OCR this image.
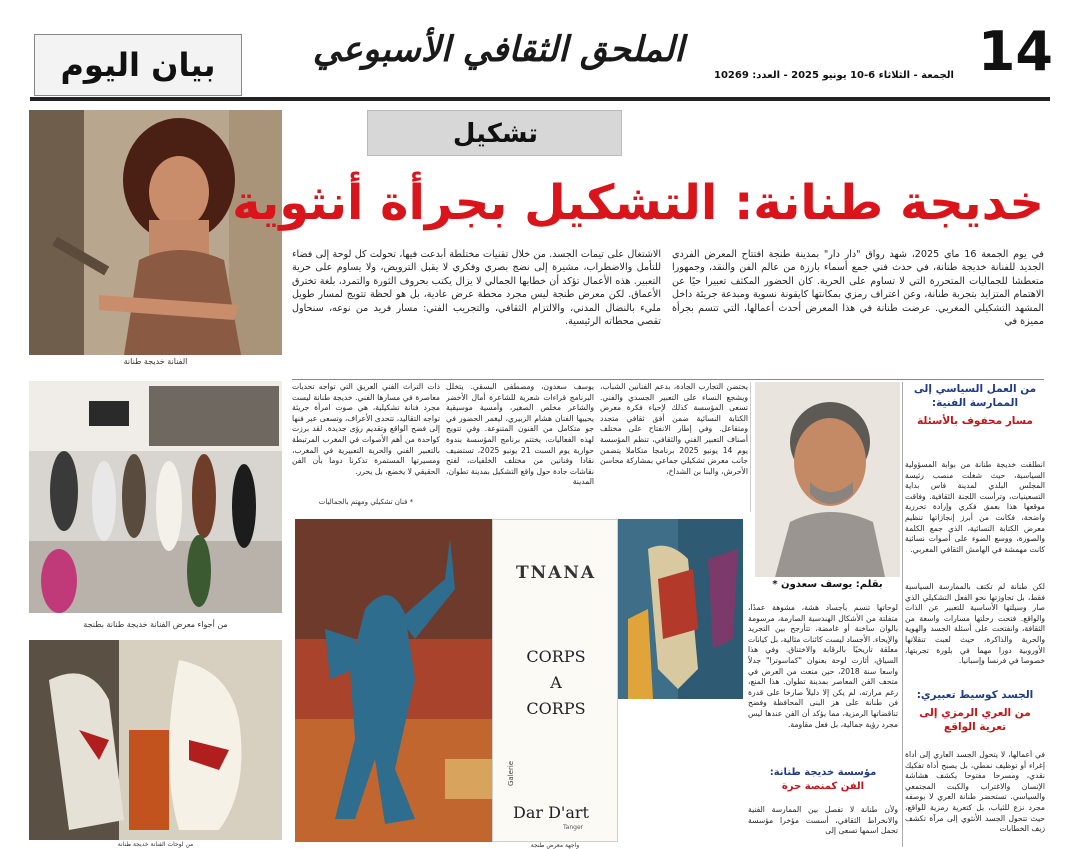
14
الجمعة - الثلاثاء 6-10 يونيو 2025 - العدد: 10269
الملحق الثقافي الأسبوعي
بيان اليوم
تشكيل
الفنانة خديجة طنانة
خديجة طنانة: التشكيل بجرأة أنثوية
في يوم الجمعة 16 ماي 2025، شهد رواق "دار دار" بمدينة طنجة افتتاح المعرض الفردي الجديد للفنانة خديجة طنانة، في حدث فني جمع أسماء بارزة من عالم الفن والنقد، وجمهورا متعطشا للجماليات المتحررة التي لا تساوم على الحرية. كان الحضور المكثف تعبيرا حيًا عن الاهتمام المتزايد بتجربة طنانة، وعن اعتراف رمزي بمكانتها كايقونة نسوية ومبدعة جريئة داخل المشهد التشكيلي المغربي. عرضت طنانة في هذا المعرض أحدث أعمالها، التي تتسم بجرأة مميزة في
الاشتغال على تيمات الجسد. من خلال تقنيات مختلطة أبدعت فيها، تحولت كل لوحة إلى فضاء للتأمل والاضطراب، مشيرة إلى نضج بصري وفكري لا يقبل الترويض، ولا يساوم على حرية التعبير. هذه الأعمال تؤكد أن خطابها الجمالي لا يزال يكتب بحروف الثورة والتمرد، بلغة تخترق الأعماق. لكن معرض طنجة ليس مجرد محطة عرض عادية، بل هو لحظة تتويج لمسار طويل مليء بالنضال المدني، والالتزام الثقافي، والتجريب الفني: مسار فريد من نوعه، سنحاول تقصي محطاته الرئيسية.
من أجواء معرض الفنانة خديجة طنانة بطنجة
من لوحات الفنانة خديجة طنانة
يحتضن التجارب الجادة، بدعم الفنانين الشباب، ويشجع النساء على التعبير الجسدي والفني. تسعى المؤسسة كذلك لإحياء فكرة معرض الكتابة النسائية ضمن أفق ثقافي متجدد ومتفاعل. وفي إطار الانفتاح على مختلف أصناف التعبير الفني والثقافي، تنظم المؤسسة يوم 14 يونيو 2025 برنامجا متكاملا يتضمن جانب معرض تشكيلي جماعي بمشاركة محاسن الأحرش، والبنا بن الشداخ،
يوسف سعدون، ومصطفى البسقي. يتخلل البرنامج قراءات شعرية للشاعرة أمال الأخضر والشاعر مخلص الصغير، وأمسية موسيقية يحييها الفنان هشام الزبيري، ليغمر الحضور في جو متكامل من الفنون المتنوعة. وفي تتويج لهذه الفعاليات، يختتم برنامج المؤسسة بندوة حوارية يوم السبت 21 يونيو 2025، تستضيف نقادا وفنانين من مختلف الخلفيات، لفتح نقاشات جادة حول واقع التشكيل بمدينة تطوان، المدينة
ذات التراث الفني العريق التي تواجه تحديات معاصرة في مسارها الفني. خديجة طنانة ليست مجرد فنانة تشكيلية، هي صوت امرأة جريئة تواجه التقاليد، تتحدى الأعراف، وتسعى عبر فنها إلى فضح الواقع وتقديم رؤى جديدة. لقد برزت كواحدة من أهم الأصوات في المغرب المرتبطة بالتعبير الفني والحرية التعبيرية في المغرب، ومسيرتها المستمرة تذكرنا دوما بأن الفن الحقيقي لا يخضع، بل يحرر.
* فنان تشكيلي ومهتم بالجماليات
TNANA
CORPS
A
CORPS
Galerie
Dar D'art
Tanger
واجهة معرض طنجة
بقلم: يوسف سعدون *
لوحاتها تنسم بأجساد هشة، مشوهة عمدًا، متفلتة من الأشكال الهندسية الصارمة، مرسومة بالوان ساخنة أو غامضة، تتأرجح بين التجريد والإيحاء. الأجساد ليست كائنات مثالية، بل كيانات معلقة تاريخيًا بالرقابة والاختناق. وفي هذا السياق، أثارت لوحة بعنوان "كماسوترا" جدلاً واسعا سنة 2018، حين منعت من العرض في متحف الفن المعاصر بمدينة تطوان. هذا المنع، رغم مرارته، لم يكن إلا دليلاً صارخا على قدرة فن طنانة على هز البنى المحافظة وفضح تناقضاتها الرمزية، مما يؤكد أن الفن عندها ليس مجرد رؤية جمالية، بل فعل مقاومة.
مؤسسة خديجة طنانة:
الفن كمنصة حرة
ولأن طنانة لا تفصل بين الممارسة الفنية والانخراط الثقافي، أسست مؤخرا مؤسسة تحمل اسمها تسعى إلى
من العمل السياسي إلى الممارسة الفنية:
مسار محفوف بالأسئلة
انطلقت خديجة طنانة من بوابة المسؤولية السياسية، حيث شغلت منصب رئيسة المجلس البلدي لمدينة فاس بداية التسعينيات، وترأست اللجنة الثقافية. وفاقت موقعها هذا بعمق فكري وإرادة تحررية واضحة، فكانت من أبرز إنجازاتها تنظيم معرض الكتابة النسائية، الذي جمع الكلمة والصورة، ووسع الضوء على أصوات نسائية كانت مهمشة في الهامش الثقافي المغربي.
لكن طنانة لم تكتف بالممارسة السياسية فقط، بل تجاوزتها نحو الفعل التشكيلي الذي صار وسيلتها الأساسية للتعبير عن الذات والواقع. فتحت رحلتها مسارات واسعة من الثقافة، وانفتحت على أسئلة الجسد والهوية والحرية والذاكرة، حيث لعبت تنقلاتها الأوروبية دورا مهما في بلورة تجربتها، خصوصا في فرنسا وإسبانيا.
الجسد كوسيط تعبيري:
من العري الرمزي إلى تعرية الواقع
في أعمالها، لا يتحول الجسد العاري إلى أداة إغراء أو توظيف نمطي، بل يصبح أداة تفكيك نقدي، ومسرحا مفتوحا يكشف هشاشة الإنسان والاغتراب والكبت المجتمعي والسياسي. تستحضر طنانة العري لا بوصفه مجرد نزع للثياب، بل كتعرية رمزية للواقع، حيث تتحول الجسد الأنثوي إلى مرآة تكشف زيف الخطابات
